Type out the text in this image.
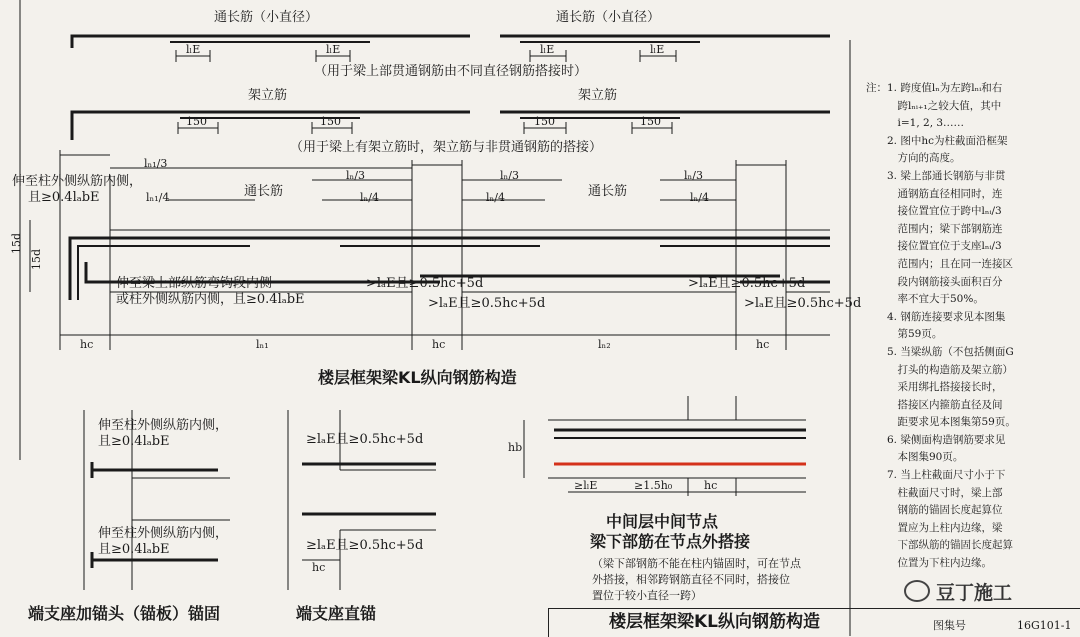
通长筋（小直径）	通长筋（小直径）
lₗE	lₗE	lₗE	lₗE
（用于梁上部贯通钢筋由不同直径钢筋搭接时）
架立筋	架立筋
150	150	150	150
（用于梁上有架立筋时，架立筋与非贯通钢筋的搭接）
lₙ₁/3
lₙ/3	lₙ/3	lₙ/3
lₙ/4	lₙ/4	lₙ/4
lₙ₁/4	通长筋	通长筋
伸至柱外侧纵筋内侧，
且≥0.4lₐbE
15d
15d
伸至梁上部纵筋弯钩段内侧
或柱外侧纵筋内侧，且≥0.4lₐbE
>lₐE且≥0.5hc+5d
>lₐE且≥0.5hc+5d
>lₐE且≥0.5hc+5d
>lₐE且≥0.5hc+5d
hc	hc	hc
lₙ₁	lₙ₂
楼层框架梁KL纵向钢筋构造
伸至柱外侧纵筋内侧，
且≥0.4lₐbE
伸至柱外侧纵筋内侧，
且≥0.4lₐbE
端支座加锚头（锚板）锚固
≥lₐE且≥0.5hc+5d
≥lₐE且≥0.5hc+5d
hc
端支座直锚
hb
≥lₗE	≥1.5h₀	hc
中间层中间节点
梁下部筋在节点外搭接
（梁下部钢筋不能在柱内锚固时，可在节点
外搭接，相邻跨钢筋直径不同时，搭接位
置位于较小直径一跨）

注：1. 跨度值lₙ为左跨lₙᵢ和右

　　　跨lₙᵢ₊₁之较大值，其中

　　　i=1, 2, 3……

　　2. 图中hc为柱截面沿框架

　　　方向的高度。

　　3. 梁上部通长钢筋与非贯

　　　通钢筋直径相同时，连

　　　接位置宜位于跨中lₙᵢ/3

　　　范围内；梁下部钢筋连

　　　接位置宜位于支座lₙᵢ/3

　　　范围内；且在同一连接区

　　　段内钢筋接头面积百分

　　　率不宜大于50%。

　　4. 钢筋连接要求见本图集

　　　第59页。

　　5. 当梁纵筋（不包括侧面G

　　　打头的构造筋及架立筋）

　　　采用绑扎搭接接长时，

　　　搭接区内箍筋直径及间

　　　距要求见本图集第59页。

　　6. 梁侧面构造钢筋要求见

　　　本图集90页。

　　7. 当上柱截面尺寸小于下

　　　柱截面尺寸时，梁上部

　　　钢筋的锚固长度起算位

　　　置应为上柱内边缘，梁

　　　下部纵筋的锚固长度起算

　　　位置为下柱内边缘。

豆丁施工
楼层框架梁KL纵向钢筋构造	图集号	16G101-1
